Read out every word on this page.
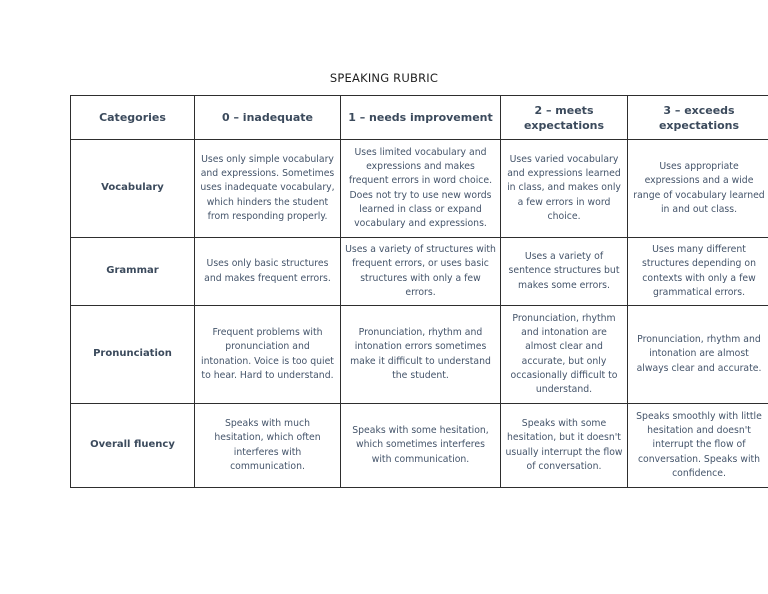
SPEAKING RUBRIC
Categories	0 – inadequate	1 – needs improvement	2 – meets expectations	3 – exceeds expectations
Vocabulary	Uses only simple vocabulary and expressions. Sometimes uses inadequate vocabulary, which hinders the student from responding properly.	Uses limited vocabulary and expressions and makes frequent errors in word choice. Does not try to use new words learned in class or expand vocabulary and expressions.	Uses varied vocabulary and expressions learned in class, and makes only a few errors in word choice.	Uses appropriate expressions and a wide range of vocabulary learned in and out class.
Grammar	Uses only basic structures and makes frequent errors.	Uses a variety of structures with frequent errors, or uses basic structures with only a few errors.	Uses a variety of sentence structures but makes some errors.	Uses many different structures depending on contexts with only a few grammatical errors.
Pronunciation	Frequent problems with pronunciation and intonation. Voice is too quiet to hear. Hard to understand.	Pronunciation, rhythm and intonation errors sometimes make it difficult to understand the student.	Pronunciation, rhythm and intonation are almost clear and accurate, but only occasionally difficult to understand.	Pronunciation, rhythm and intonation are almost always clear and accurate.
Overall fluency	Speaks with much hesitation, which often interferes with communication.	Speaks with some hesitation, which sometimes interferes with communication.	Speaks with some hesitation, but it doesn't usually interrupt the flow of conversation.	Speaks smoothly with little hesitation and doesn't interrupt the flow of conversation. Speaks with confidence.
